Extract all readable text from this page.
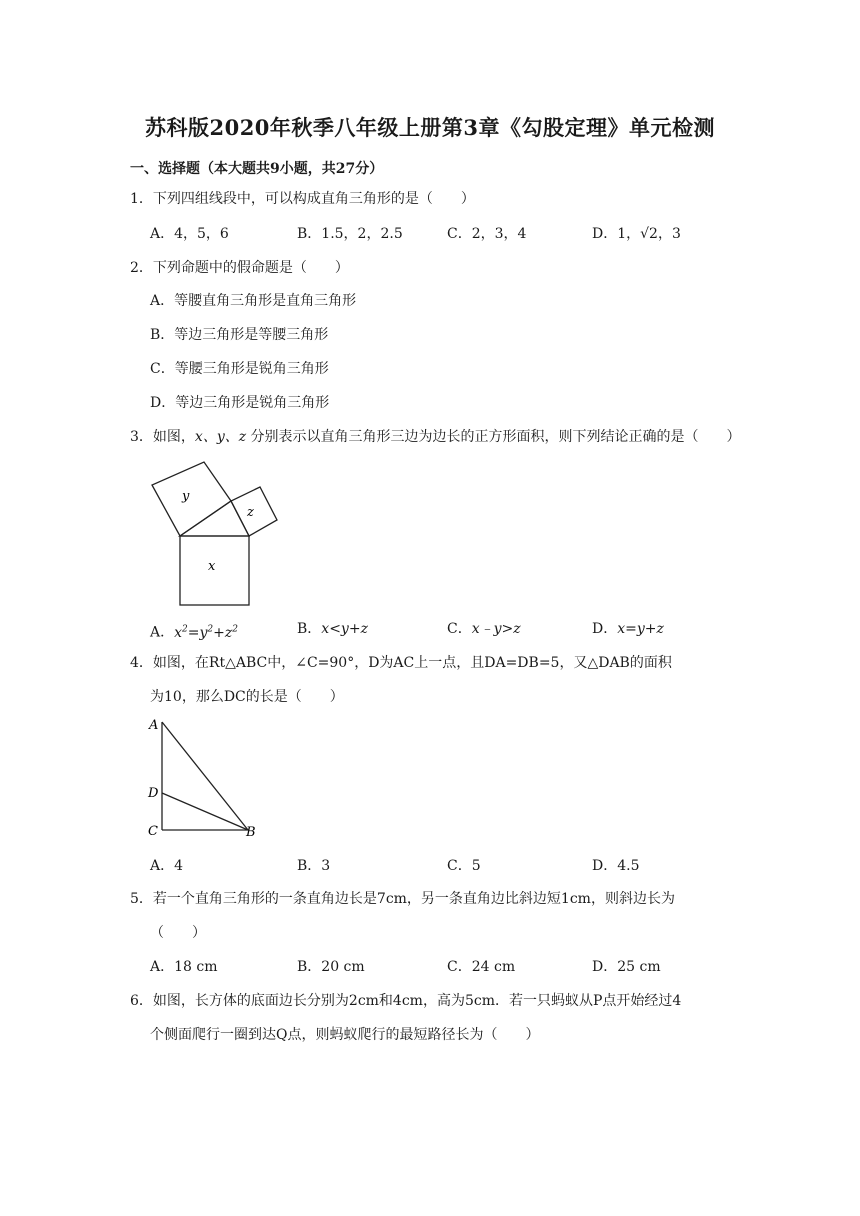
苏科版2020年秋季八年级上册第3章《勾股定理》单元检测
一、选择题（本大题共9小题，共27分）
1．下列四组线段中，可以构成直角三角形的是（　　）
A．4，5，6	B．1.5，2，2.5	C．2，3，4	D．1，√2，3
2．下列命题中的假命题是（　　）
A．等腰直角三角形是直角三角形
B．等边三角形是等腰三角形
C．等腰三角形是锐角三角形
D．等边三角形是锐角三角形
3．如图，x、y、z 分别表示以直角三角形三边为边长的正方形面积，则下列结论正确的是（　　）
y
z
x
A．$x^2=y^2+z^2$	B．x<y+z	C．x﹣y>z	D．x=y+z
4．如图，在Rt△ABC中，∠C=90°，D为AC上一点，且DA=DB=5，又△DAB的面积
为10，那么DC的长是（　　）
A
D
C	B
A．4	B．3	C．5	D．4.5
5．若一个直角三角形的一条直角边长是7cm，另一条直角边比斜边短1cm，则斜边长为
（　　）
A．18 cm	B．20 cm	C．24 cm	D．25 cm
6．如图，长方体的底面边长分别为2cm和4cm，高为5cm．若一只蚂蚁从P点开始经过4
个侧面爬行一圈到达Q点，则蚂蚁爬行的最短路径长为（　　）
